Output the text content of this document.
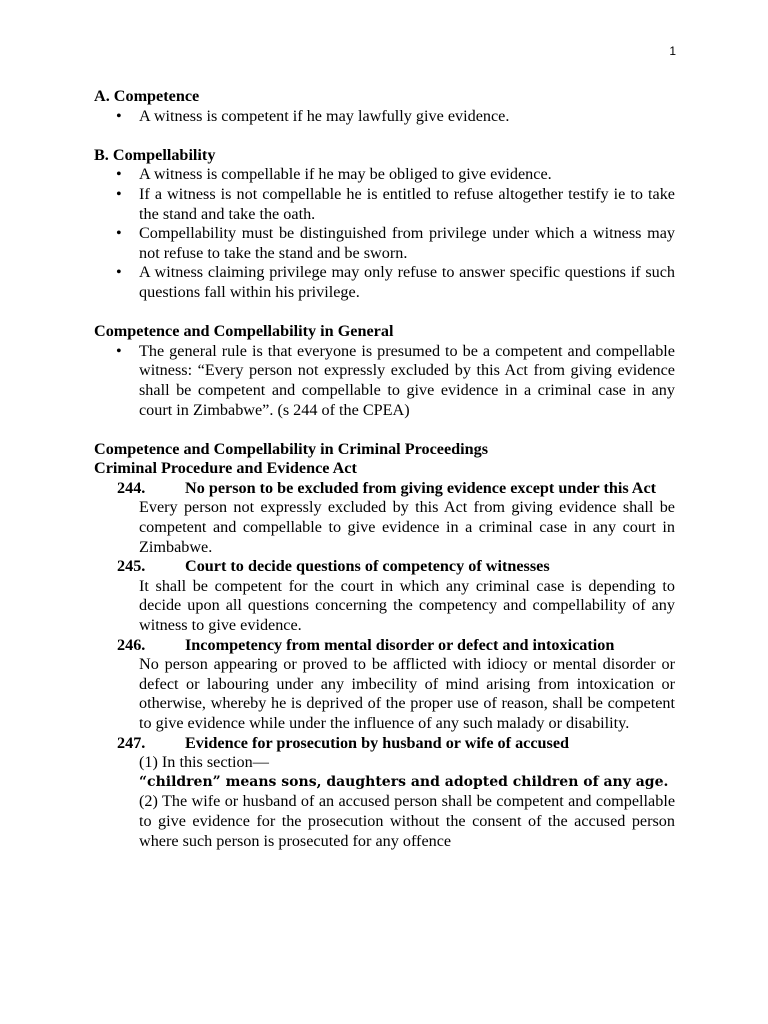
1
A. Competence
• A witness is competent if he may lawfully give evidence.
B. Compellability
• A witness is compellable if he may be obliged to give evidence.
• If a witness is not compellable he is entitled to refuse altogether testify ie to take the stand and take the oath.
• Compellability must be distinguished from privilege under which a witness may not refuse to take the stand and be sworn.
• A witness claiming privilege may only refuse to answer specific questions if such questions fall within his privilege.
Competence and Compellability in General
• The general rule is that everyone is presumed to be a competent and compellable witness: “Every person not expressly excluded by this Act from giving evidence shall be competent and compellable to give evidence in a criminal case in any court in Zimbabwe”. (s 244 of the CPEA)
Competence and Compellability in Criminal Proceedings
Criminal Procedure and Evidence Act
244.	No person to be excluded from giving evidence except under this Act
Every person not expressly excluded by this Act from giving evidence shall be competent and compellable to give evidence in a criminal case in any court in Zimbabwe.
245.	Court to decide questions of competency of witnesses
It shall be competent for the court in which any criminal case is depending to decide upon all questions concerning the competency and compellability of any witness to give evidence.
246.	Incompetency from mental disorder or defect and intoxication
No person appearing or proved to be afflicted with idiocy or mental disorder or defect or labouring under any imbecility of mind arising from intoxication or otherwise, whereby he is deprived of the proper use of reason, shall be competent to give evidence while under the influence of any such malady or disability.
247.	Evidence for prosecution by husband or wife of accused
(1) In this section—
“children” means sons, daughters and adopted children of any age.
(2) The wife or husband of an accused person shall be competent and compellable to give evidence for the prosecution without the consent of the accused person where such person is prosecuted for any offence
